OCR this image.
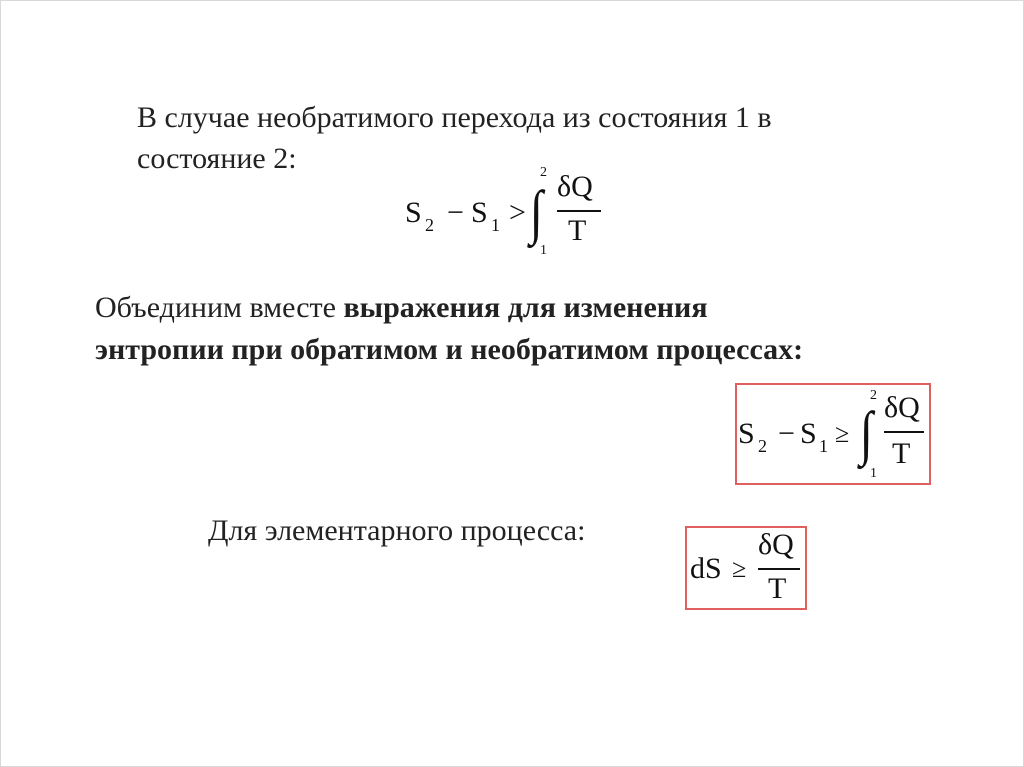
В случае необратимого перехода из состояния 1 в
состояние 2:
S 2 − S 1 >
2
∫
1
δQ
T
Объединим вместе выражения для изменения
энтропии при обратимом и необратимом процессах:
S 2 − S 1 ≥
2
∫
1
δQ
T
Для элементарного процесса:
dS ≥
δQ
T
